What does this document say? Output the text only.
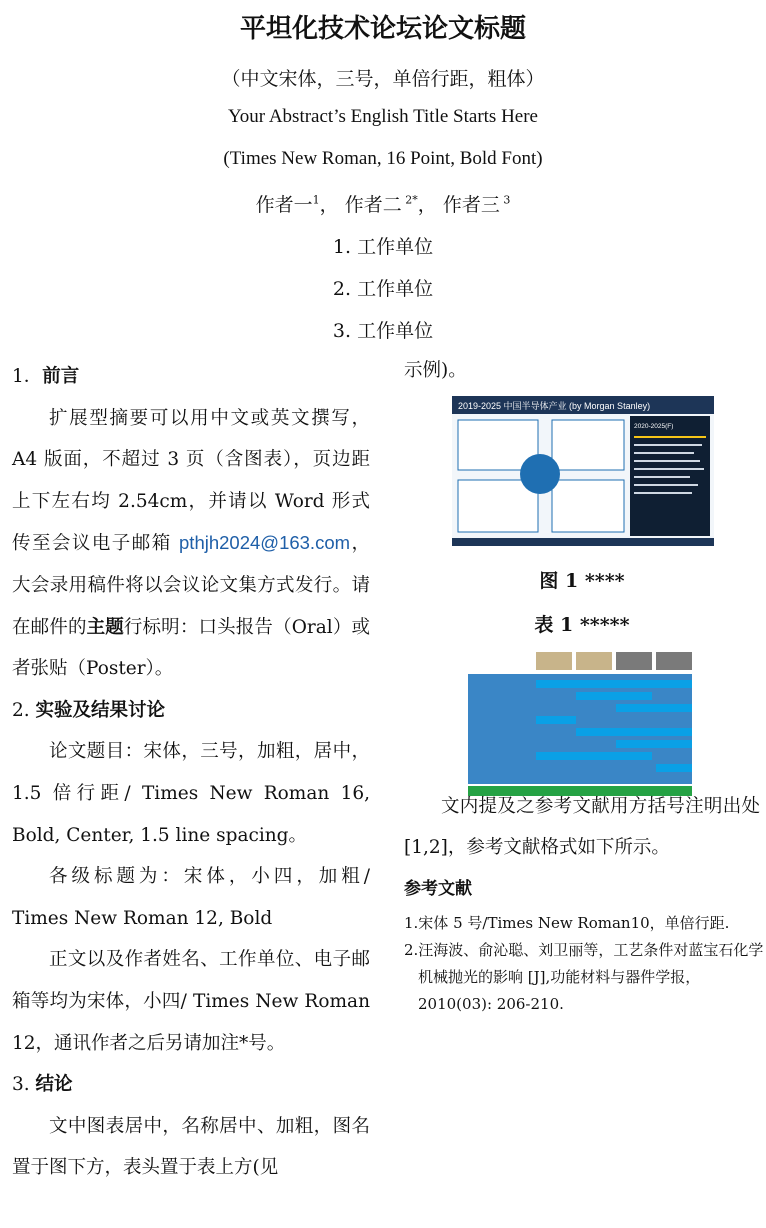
平坦化技术论坛论文标题
（中文宋体，三号，单倍行距，粗体）
Your Abstract’s English Title Starts Here
(Times New Roman, 16 Point, Bold Font)
作者一$^1$， 作者二 $^{2*}$， 作者三 $^3$
1. 工作单位
2. 工作单位
3. 工作单位

1．前言

扩展型摘要可以用中文或英文撰写，A4 版面，不超过 3 页（含图表），页边距上下左右均 2.54cm，并请以 Word 形式传至会议电子邮箱 pthjh2024@163.com，大会录用稿件将以会议论文集方式发行。请在邮件的主题行标明：口头报告（Oral）或者张贴（Poster）。

2. 实验及结果讨论

论文题目：宋体，三号，加粗，居中，1.5 倍行距/ Times New Roman 16, Bold, Center, 1.5 line spacing。

各级标题为：宋体，小四，加粗/ Times New Roman 12, Bold

正文以及作者姓名、工作单位、电子邮箱等均为宋体，小四/ Times New Roman 12，通讯作者之后另请加注*号。

3. 结论

文中图表居中，名称居中、加粗，图名置于图下方，表头置于表上方(见

示例)。

2019-2025 中国半导体产业 (by Morgan Stanley)
2020-2025(F)
图 1 ****
表 1 *****

文内提及之参考文献用方括号注明出处[1,2]，参考文献格式如下所示。

参考文献
1.宋体 5 号/Times New Roman10，单倍行距.
2.汪海波、俞沁聪、刘卫丽等，工艺条件对蓝宝石化学机械抛光的影响 [J],功能材料与器件学报，2010(03): 206-210.
